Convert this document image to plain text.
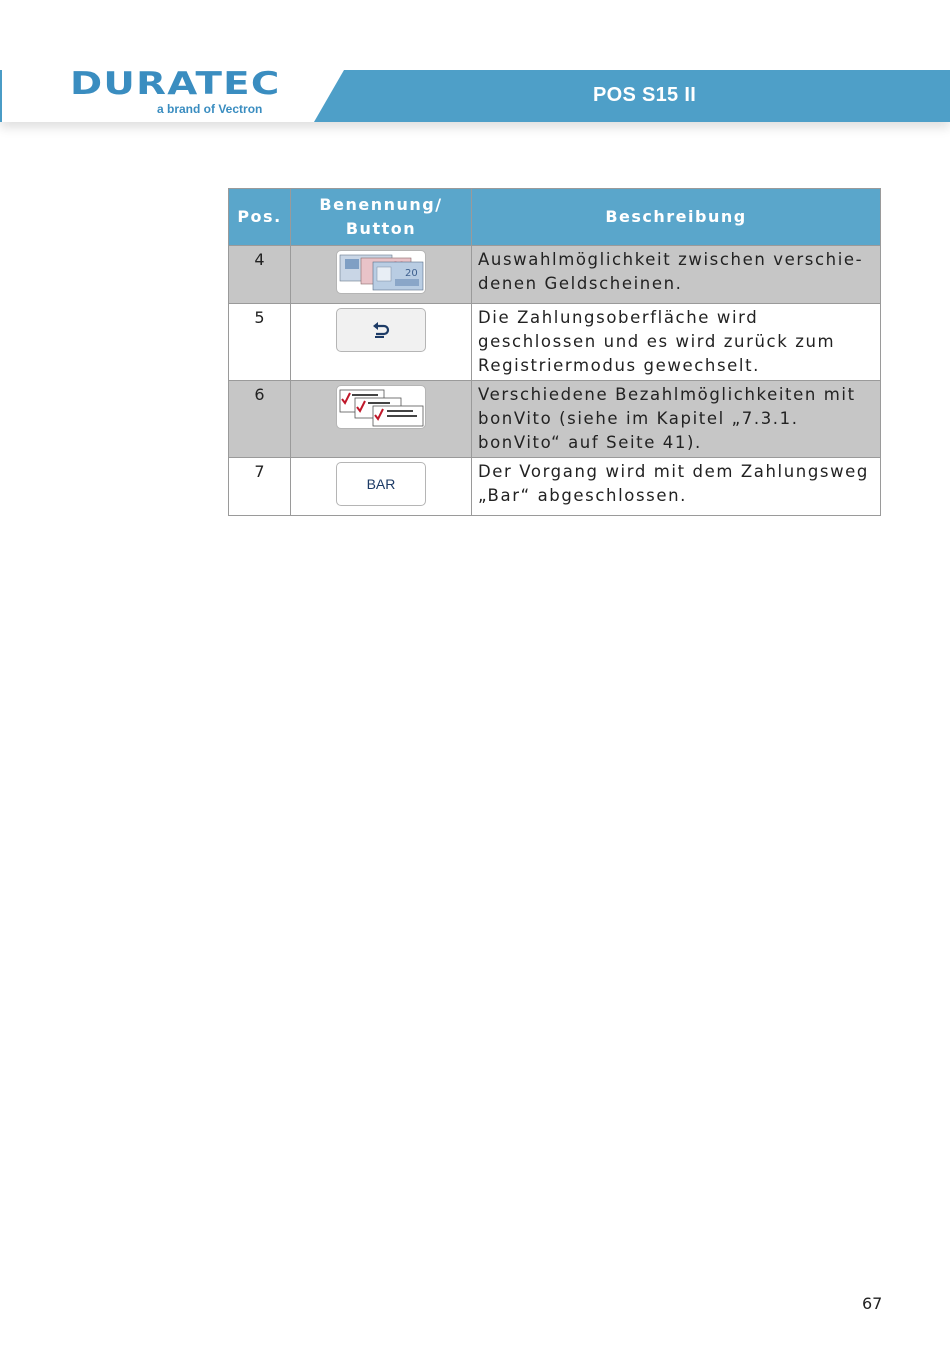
DURATEC
a brand of Vectron
POS S15 II
Pos.	Benennung/ Button	Beschreibung
4	20	Auswahlmöglichkeit zwischen verschiedenen Geldscheinen.
5		Die Zahlungsoberfläche wird geschlossen und es wird zurück zum Registriermodus gewechselt.
6		Verschiedene Bezahlmöglichkeiten mit bonVito (siehe im Kapitel „7.3.1. bonVito“ auf Seite 41).
7	BAR	Der Vorgang wird mit dem Zahlungsweg „Bar“ abgeschlossen.
67
